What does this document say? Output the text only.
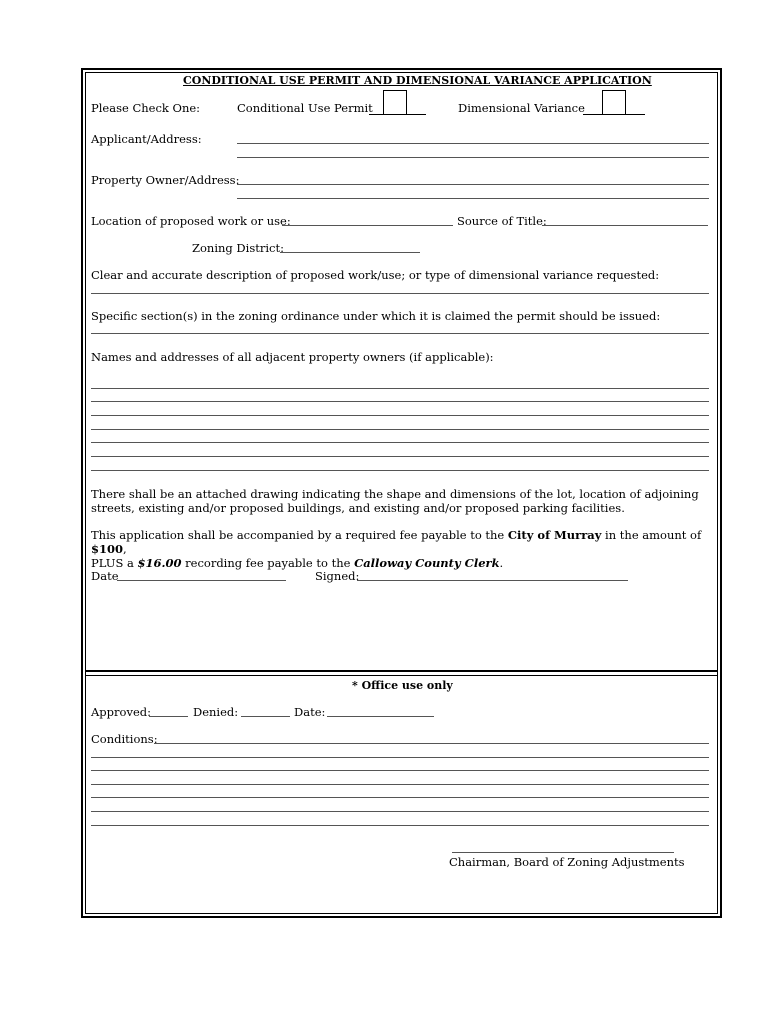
CONDITIONAL USE PERMIT AND DIMENSIONAL VARIANCE APPLICATION
Please Check One:	Conditional Use Permit	Dimensional Variance
Applicant/Address:
Property Owner/Address:
Location of proposed work or use:	Source of Title:
Zoning District:
Clear and accurate description of proposed work/use; or type of dimensional variance requested:
Specific section(s) in the zoning ordinance under which it is claimed the permit should be issued:
Names and addresses of all adjacent property owners (if applicable):
There shall be an attached drawing indicating the shape and dimensions of the lot, location of adjoining streets, existing and/or proposed buildings, and existing and/or proposed parking facilities.
This application shall be accompanied by a required fee payable to the City of Murray in the amount of $100,
PLUS a $16.00 recording fee payable to the Calloway County Clerk.
Date	Signed:
* Office use only
Approved:	Denied:	Date:
Conditions:
Chairman, Board of Zoning Adjustments
